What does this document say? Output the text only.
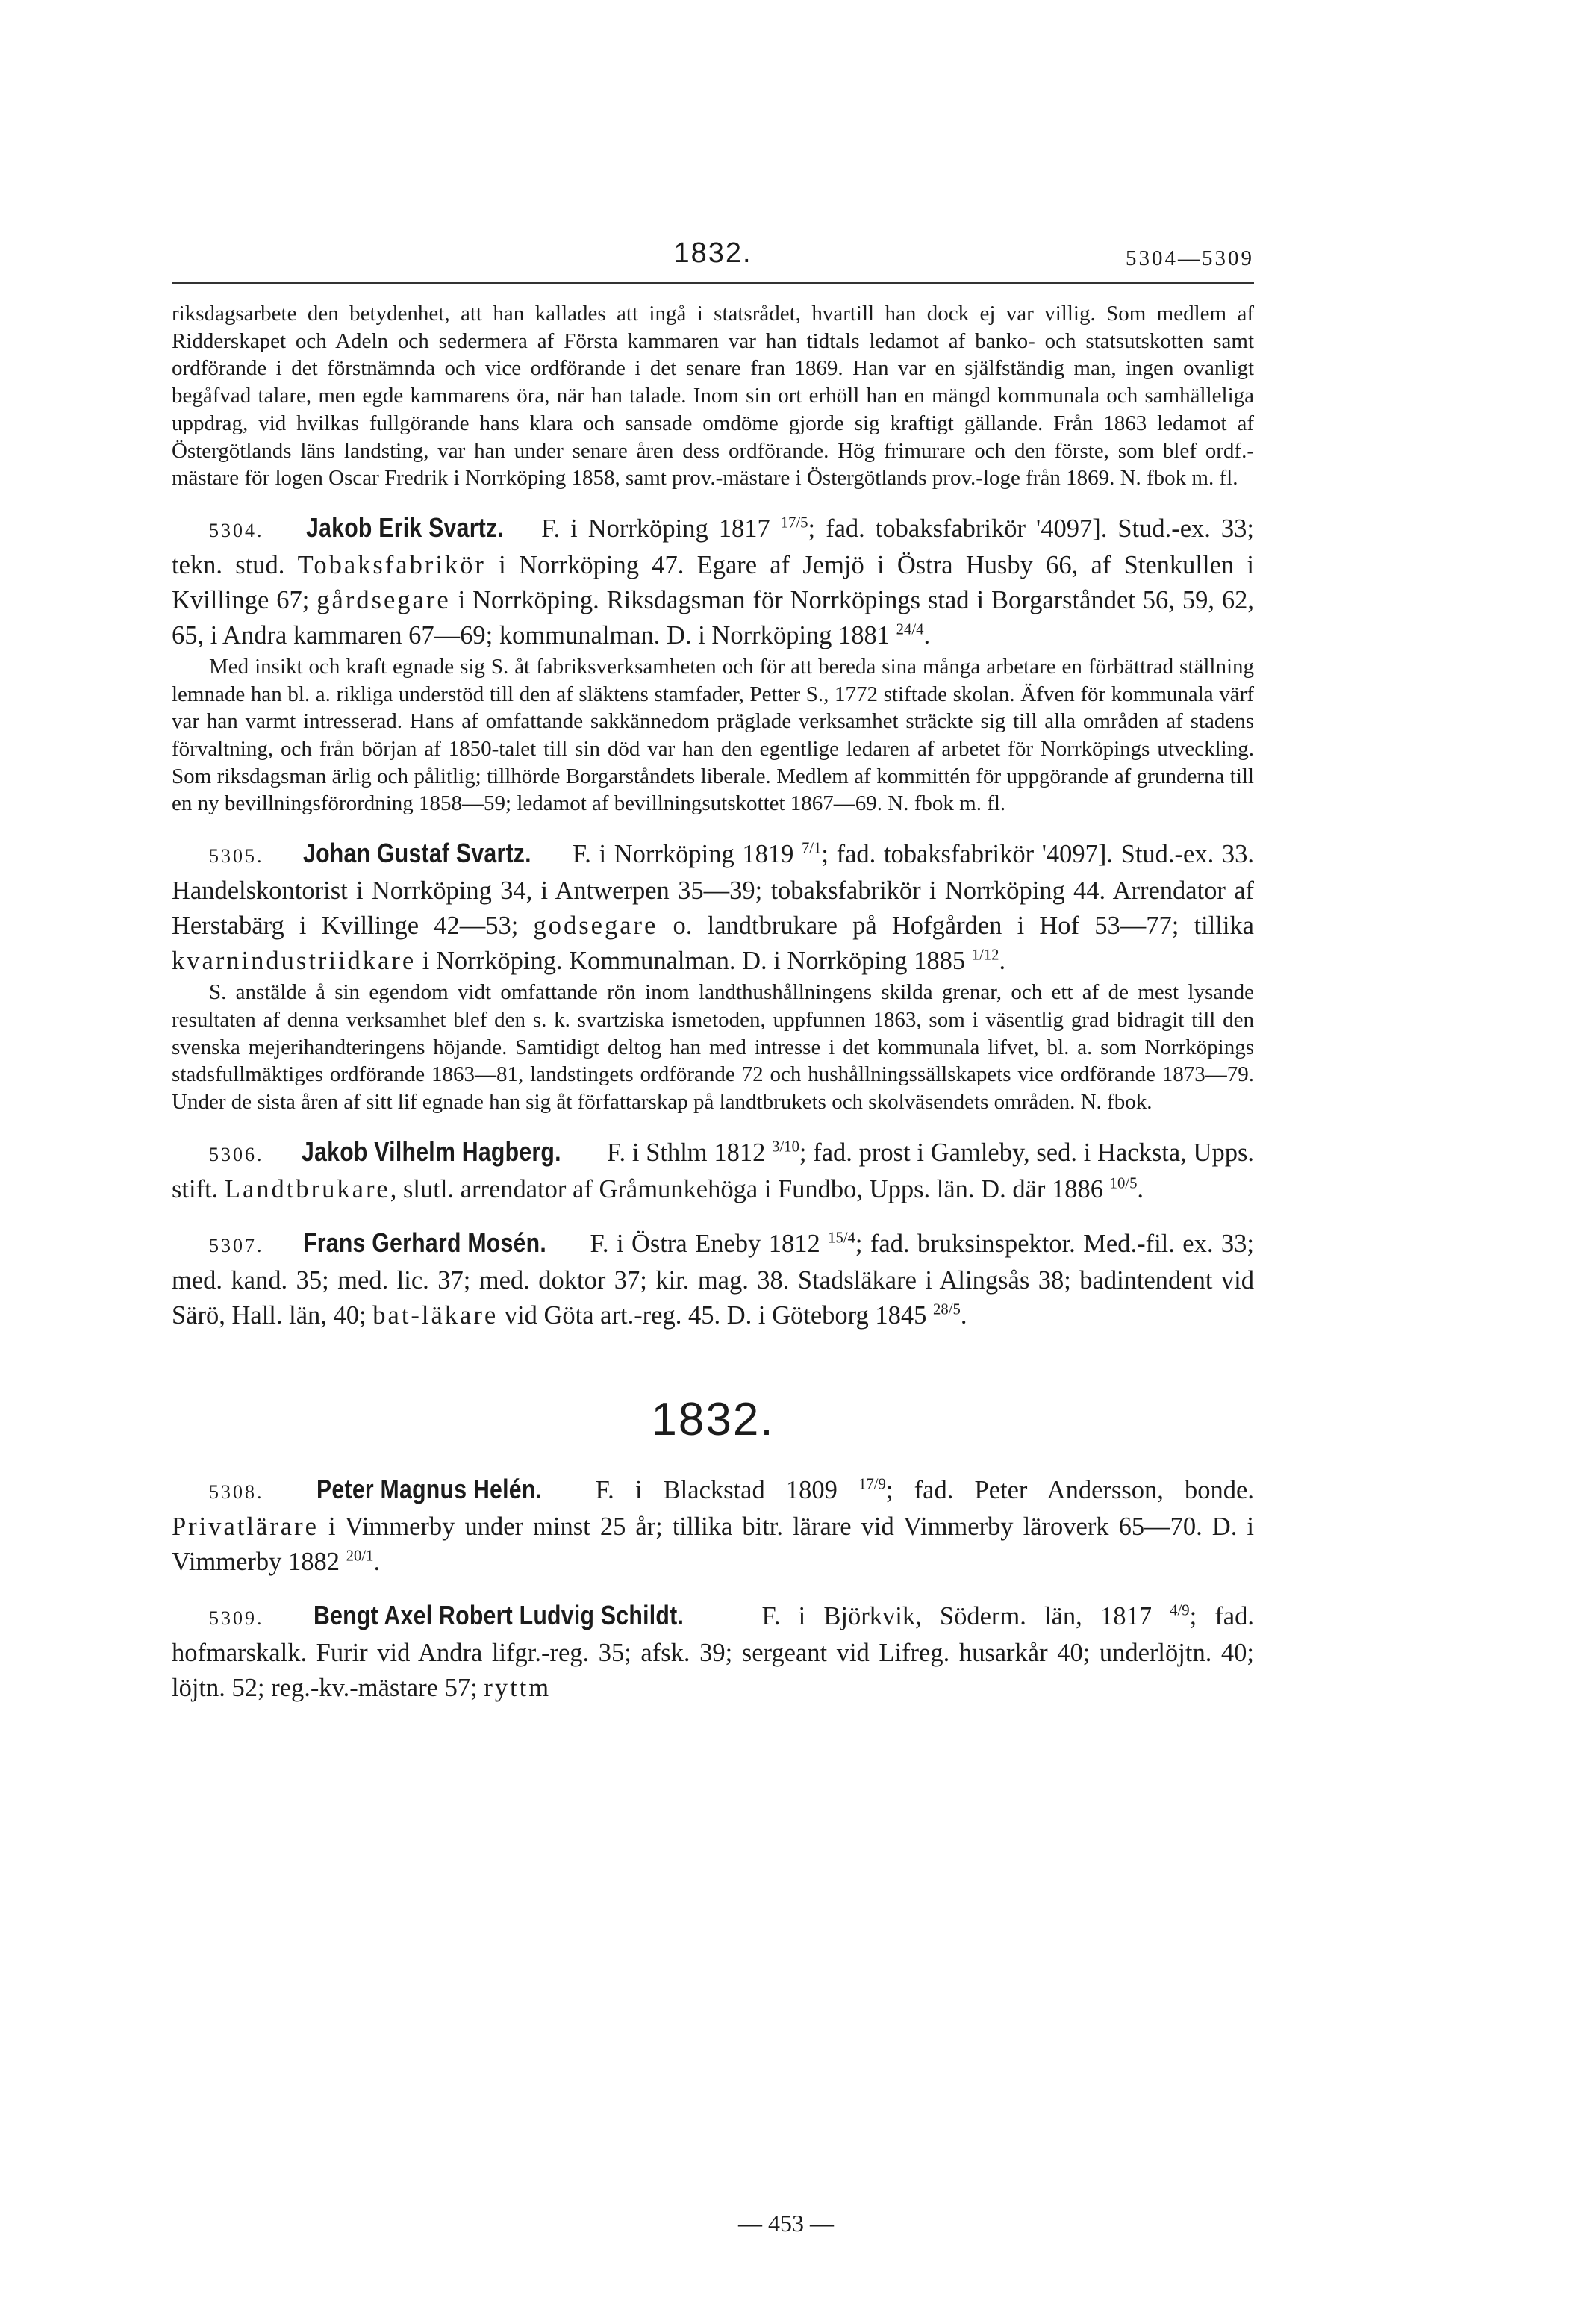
1832.	5304—5309

riksdagsarbete den betydenhet, att han kallades att ingå i statsrådet, hvartill han dock ej var villig. Som medlem af Ridderskapet och Adeln och sedermera af Första kammaren var han tidtals ledamot af banko- och statsutskotten samt ordförande i det förstnämnda och vice ordförande i det senare fran 1869. Han var en själfständig man, ingen ovanligt begåfvad talare, men egde kammarens öra, när han talade. Inom sin ort erhöll han en mängd kommunala och samhälleliga uppdrag, vid hvilkas fullgörande hans klara och sansade omdöme gjorde sig kraftigt gällande. Från 1863 ledamot af Östergötlands läns landsting, var han under senare åren dess ordförande. Hög frimurare och den förste, som blef ordf.-mästare för logen Oscar Fredrik i Norrköping 1858, samt prov.-mästare i Östergötlands prov.-loge från 1869. N. fbok m. fl.

5304. Jakob Erik Svartz. F. i Norrköping 1817 $^{17/5}$; fad. tobaksfabrikör '4097]. Stud.-ex. 33; tekn. stud. Tobaksfabrikör i Norrköping 47. Egare af Jemjö i Östra Husby 66, af Stenkullen i Kvillinge 67; gårdsegare i Norrköping. Riksdagsman för Norrköpings stad i Borgarståndet 56, 59, 62, 65, i Andra kammaren 67—69; kommunalman. D. i Norrköping 1881 $^{24/4}$.

Med insikt och kraft egnade sig S. åt fabriksverksamheten och för att bereda sina många arbetare en förbättrad ställning lemnade han bl. a. rikliga understöd till den af släktens stamfader, Petter S., 1772 stiftade skolan. Äfven för kommunala värf var han varmt intresserad. Hans af omfattande sakkännedom präglade verksamhet sträckte sig till alla områden af stadens förvaltning, och från början af 1850-talet till sin död var han den egentlige ledaren af arbetet för Norrköpings utveckling. Som riksdagsman ärlig och pålitlig; tillhörde Borgarståndets liberale. Medlem af kommittén för uppgörande af grunderna till en ny bevillningsförordning 1858—59; ledamot af bevillningsutskottet 1867—69. N. fbok m. fl.

5305. Johan Gustaf Svartz. F. i Norrköping 1819 $^{7/1}$; fad. tobaksfabrikör '4097]. Stud.-ex. 33. Handelskontorist i Norrköping 34, i Antwerpen 35—39; tobaksfabrikör i Norrköping 44. Arrendator af Herstabärg i Kvillinge 42—53; godsegare o. landtbrukare på Hofgården i Hof 53—77; tillika kvarnindustriidkare i Norrköping. Kommunalman. D. i Norrköping 1885 $^{1/12}$.

S. anstälde å sin egendom vidt omfattande rön inom landthushållningens skilda grenar, och ett af de mest lysande resultaten af denna verksamhet blef den s. k. svartziska ismetoden, uppfunnen 1863, som i väsentlig grad bidragit till den svenska mejerihandteringens höjande. Samtidigt deltog han med intresse i det kommunala lifvet, bl. a. som Norrköpings stadsfullmäktiges ordförande 1863—81, landstingets ordförande 72 och hushållningssällskapets vice ordförande 1873—79. Under de sista åren af sitt lif egnade han sig åt författarskap på landtbrukets och skolväsendets områden. N. fbok.

5306. Jakob Vilhelm Hagberg. F. i Sthlm 1812 $^{3/10}$; fad. prost i Gamleby, sed. i Hacksta, Upps. stift. Landtbrukare, slutl. arrendator af Gråmunkehöga i Fundbo, Upps. län. D. där 1886 $^{10/5}$.

5307. Frans Gerhard Mosén. F. i Östra Eneby 1812 $^{15/4}$; fad. bruksinspektor. Med.-fil. ex. 33; med. kand. 35; med. lic. 37; med. doktor 37; kir. mag. 38. Stadsläkare i Alingsås 38; badintendent vid Särö, Hall. län, 40; bat-läkare vid Göta art.-reg. 45. D. i Göteborg 1845 $^{28/5}$.

1832.

5308. Peter Magnus Helén. F. i Blackstad 1809 $^{17/9}$; fad. Peter Andersson, bonde. Privatlärare i Vimmerby under minst 25 år; tillika bitr. lärare vid Vimmerby läroverk 65—70. D. i Vimmerby 1882 $^{20/1}$.

5309. Bengt Axel Robert Ludvig Schildt. F. i Björkvik, Söderm. län, 1817 $^{4/9}$; fad. hofmarskalk. Furir vid Andra lifgr.-reg. 35; afsk. 39; sergeant vid Lifreg. husarkår 40; underlöjtn. 40; löjtn. 52; reg.-kv.-mästare 57; ryttm

— 453 —
